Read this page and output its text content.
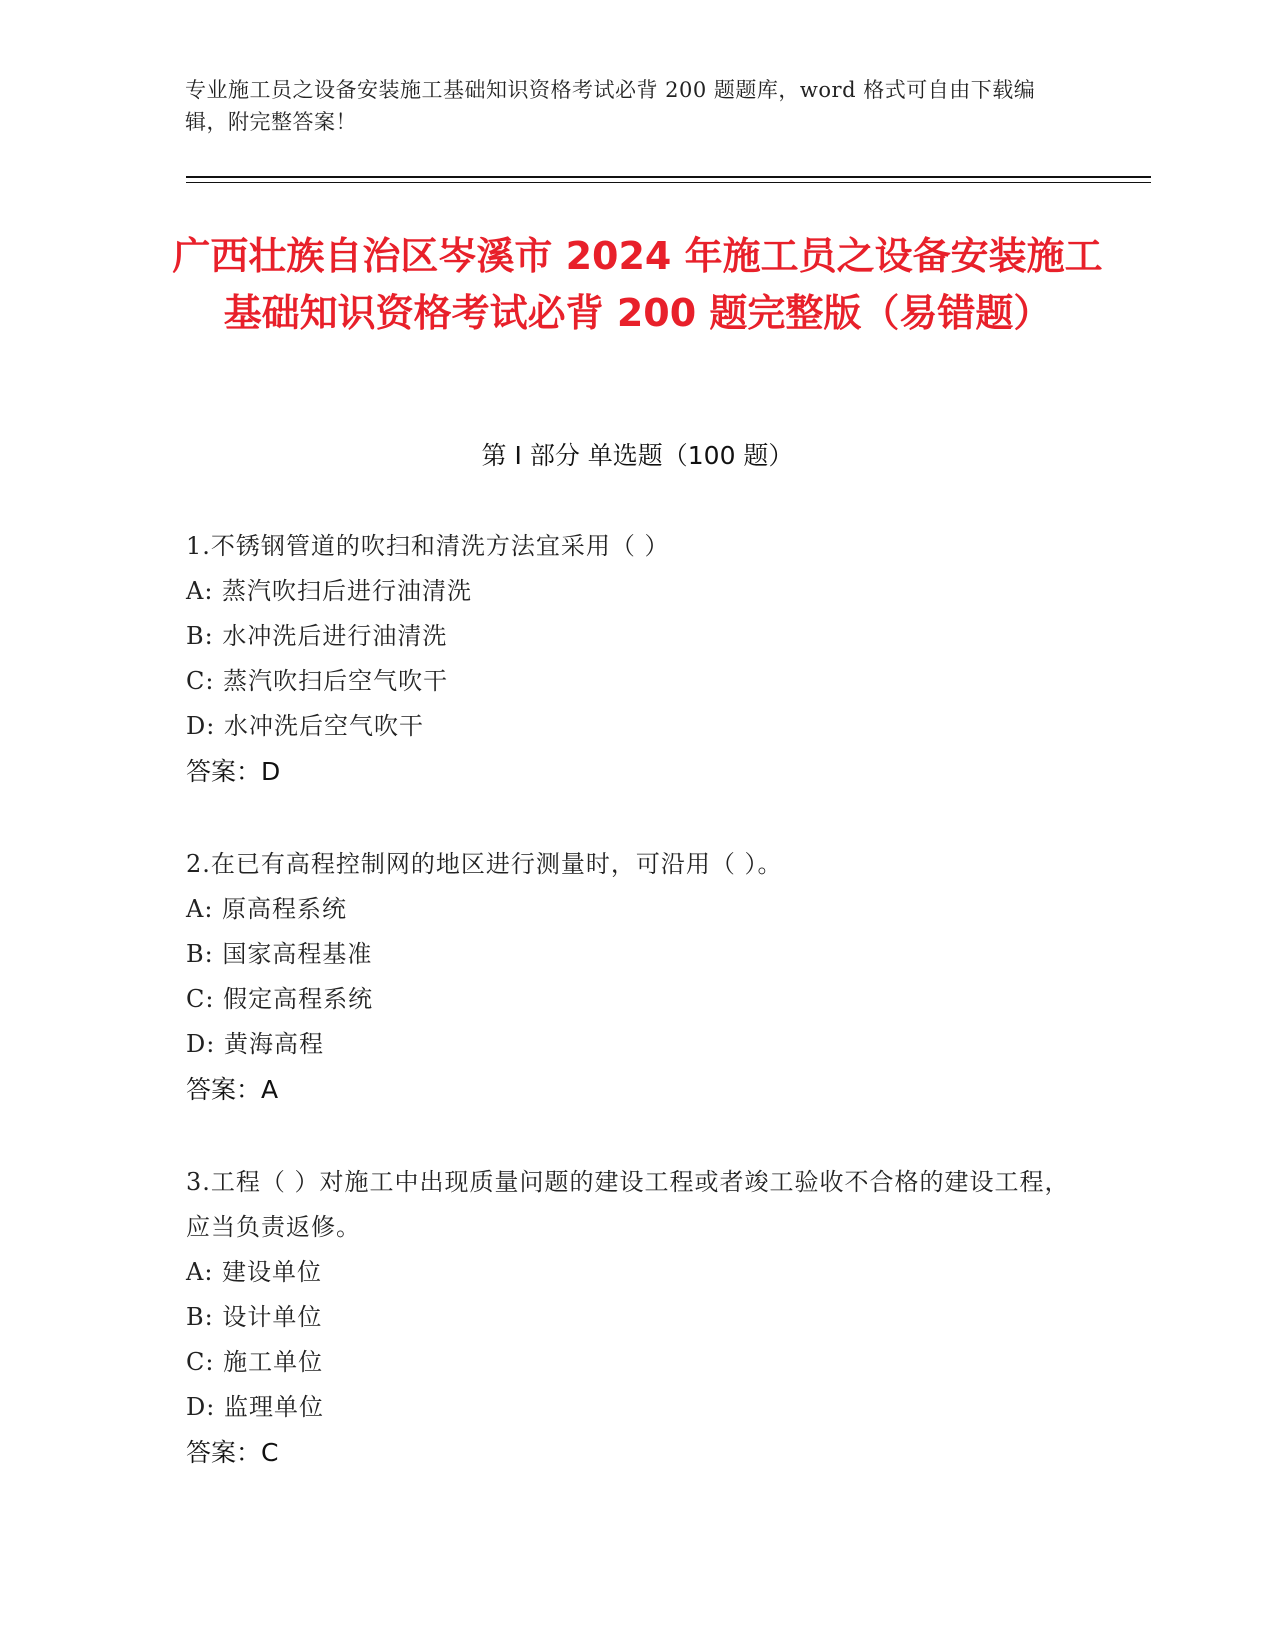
专业施工员之设备安装施工基础知识资格考试必背 200 题题库，word 格式可自由下载编辑，附完整答案！
广西壮族自治区岑溪市 2024 年施工员之设备安装施工基础知识资格考试必背 200 题完整版（易错题）
第 I 部分 单选题（100 题）
1.不锈钢管道的吹扫和清洗方法宜采用（ ）
A: 蒸汽吹扫后进行油清洗
B: 水冲洗后进行油清洗
C: 蒸汽吹扫后空气吹干
D: 水冲洗后空气吹干
答案：D
2.在已有高程控制网的地区进行测量时，可沿用（ ）。
A: 原高程系统
B: 国家高程基准
C: 假定高程系统
D: 黄海高程
答案：A
3.工程（ ）对施工中出现质量问题的建设工程或者竣工验收不合格的建设工程，应当负责返修。
A: 建设单位
B: 设计单位
C: 施工单位
D: 监理单位
答案：C
